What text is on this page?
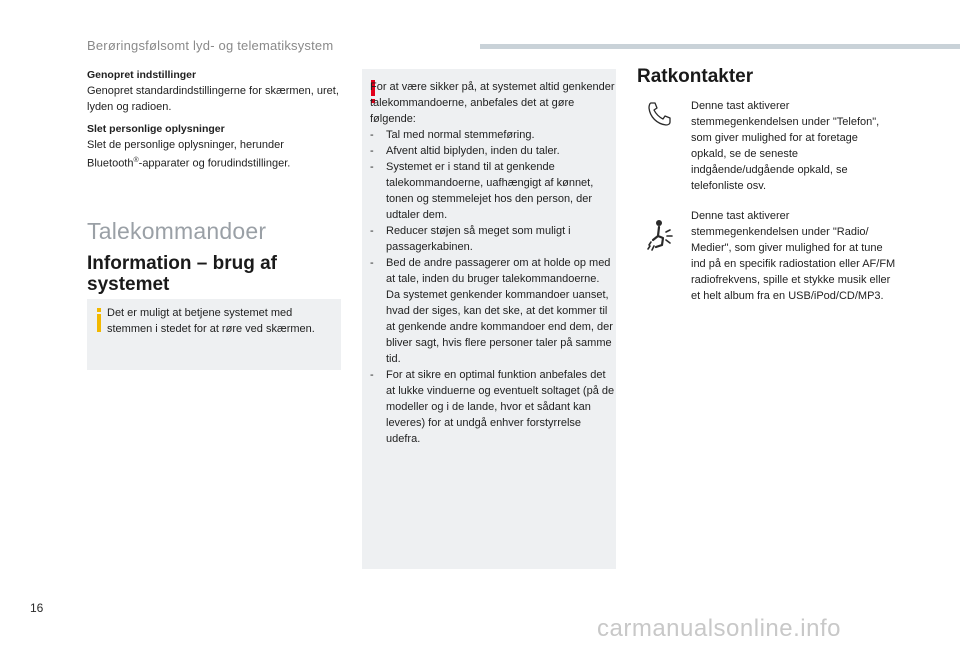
Berøringsfølsomt lyd- og telematiksystem
Genopret indstillinger
Genopret standardindstillingerne for skærmen, uret, lyden og radioen.
Slet personlige oplysninger
Slet de personlige oplysninger, herunder Bluetooth®-apparater og forudindstillinger.
Talekommandoer
Information – brug af systemet
Det er muligt at betjene systemet med stemmen i stedet for at røre ved skærmen.
For at være sikker på, at systemet altid genkender talekommandoerne, anbefales det at gøre følgende:
- Tal med normal stemmeføring.
- Afvent altid biplyden, inden du taler.
- Systemet er i stand til at genkende talekommandoerne, uafhængigt af kønnet, tonen og stemmelejet hos den person, der udtaler dem.
- Reducer støjen så meget som muligt i passagerkabinen.
- Bed de andre passagerer om at holde op med at tale, inden du bruger talekommandoerne. Da systemet genkender kommandoer uanset, hvad der siges, kan det ske, at det kommer til at genkende andre kommandoer end dem, der bliver sagt, hvis flere personer taler på samme tid.
- For at sikre en optimal funktion anbefales det at lukke vinduerne og eventuelt soltaget (på de modeller og i de lande, hvor et sådant kan leveres) for at undgå enhver forstyrrelse udefra.
Ratkontakter
Denne tast aktiverer stemmegenkendelsen under "Telefon", som giver mulighed for at foretage opkald, se de seneste indgående/udgående opkald, se telefonliste osv.
Denne tast aktiverer stemmegenkendelsen under "Radio/ Medier", som giver mulighed for at tune ind på en specifik radiostation eller AF/FM radiofrekvens, spille et stykke musik eller et helt album fra en USB/iPod/CD/MP3.
16
carmanualsonline.info
